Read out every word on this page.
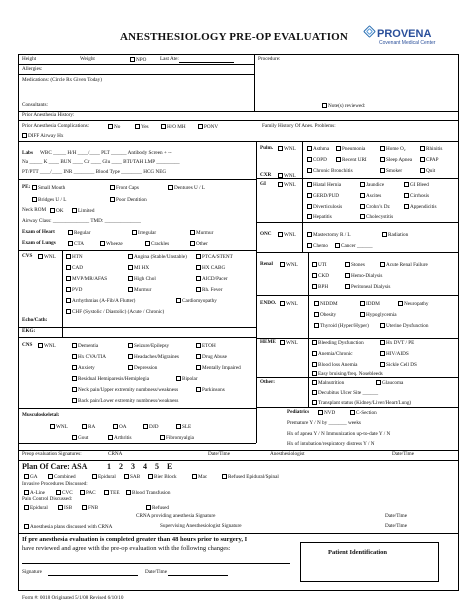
ANESTHESIOLOGY PRE-OP EVALUATION	PROVENA
Covenant Medical Center
Height	Weight	NPO	Last Ate:	Procedure:
Allergies:
Medications: (Circle Rx Given Today)
Consultants:	Note(s) reviewed:
Prior Anesthesia History:
Prior Anesthesia Complications:	No	Yes	H/O MH	PONV	Family History Of Anes. Problems:
DIFF Airway Hx
Labs WBC _____ H/H ____/____ PLT ______ Antibody Screen + --
Na _____ K ____ BUN ____ Cr ____ Glu ____ BTI/TAH LMP _________
PT/PTT ____/____ INR ________ Blood Type ________ HCG NEG
PE:	Small Mouth	Front Caps	Dentures U / L
Bridges U / L	Poor Dentition
Neck ROM	OK	Limited
Airway Class: ______________ TMD: ______________
Exam of Heart	Regular	Irregular	Murmur
Exam of Lungs	CTA	Wheeze	Crackles	Other
CVS	WNL	HTN	Angina (Stable/Unstable)	PTCA/STENT
CAD	MI HX	HX CABG
MVP/MR/AFAS	High Chol	AICD/Pacer
PVD	Murmur	Rh. Fever
Arrhythmias (A-Fib/A Flutter)	Cardiomyopathy
CHF (Systolic / Diastolic) (Acute / Chronic)
Echo/Cath:
EKG:
CNS	WNL	Dementia	Seizure/Epilepsy	ETOH
Hx CVA/TIA	Headaches/Migraines	Drug Abuse
Anxiety	Depression	Mentally Impaired
Residual Hemiparesis/Hemiplegia	Bipolar
Neck pain/Upper extremity numbness/weakness	Parkinsons
Back pain/Lower extremity numbness/weakness
Musculoskeletal:
WNL	RA	OA	DJD	SLE
Gout	Arthritis	Fibromyalgia
Pulm.	WNL	Asthma	Pneumonia	Home O₂	Rhinitis
COPD	Recent URI	Sleep Apnea	CPAP
Chronic Bronchitis	Smoker	Quit
CXR	WNL
GI	WNL	Hiatal Hernia	Jaundice	GI Bleed
GERD/PUD	Ascites	Cirrhosis
Diverticulosis	Crohn’s Dz	Appendicitis
Hepatitis	Cholecystitis
ONC	WNL	Mastectomy R / L	Radiation
Chemo	Cancer ______
Renal	WNL	UTI	Stones	Acute Renal Failure
CKD	Hemo-Dialysis
BPH	Peritoneal Dialysis
ENDO.	WNL	NIDDM	IDDM	Neuropathy
Obesity	Hypoglycemia
Thyroid (Hyper/Hyper)	Uterine Dysfunction
HEME	WNL	Bleeding Dysfunction	Hx DVT / PE
Anemia/Chronic	HIV/AIDS
Blood loss Anemia	Sickle Cell DS
Easy bruising/freq. Nosebleeds
Other:	Malnutrition	Glaucoma
Decubitus Ulcer Site ______
Transplant status (Kidney/Liver/Heart/Lung)
Pediatrics	NVD	C-Section
Premature Y / N by _______ weeks
Hx of apnea Y / N Immunization up-to-date Y / N
Hx of intubation/respiratory distress Y / N
Preop evaluation Signatures:	CRNA	Date/Time	Anesthesiologist	Date/Time
Plan Of Care: ASA 1 2 3 4 5 E
GA	Combined	Epidural	SAB	Bier Block	Mac	Refused Epidural/Spinal
Invasive Procedures Discussed:
A-Line	CVC	PAC	TEE	Blood Transfusion
Pain Control Discussed:
Epidural	ISB	FNB	Refused
CRNA providing anesthesia Signature	Date/Time
Anesthesia plans discussed with CRNA	Supervising Anesthesiologist Signature	Date/Time
If pre anesthesia evaluation is completed greater than 48 hours prior to surgery, I
have reviewed and agree with the pre-op evaluation with the following changes:
Signature	Date/Time
Patient Identification
Form #: 0018 Originated 5/1/08 Revised 6/10/10
